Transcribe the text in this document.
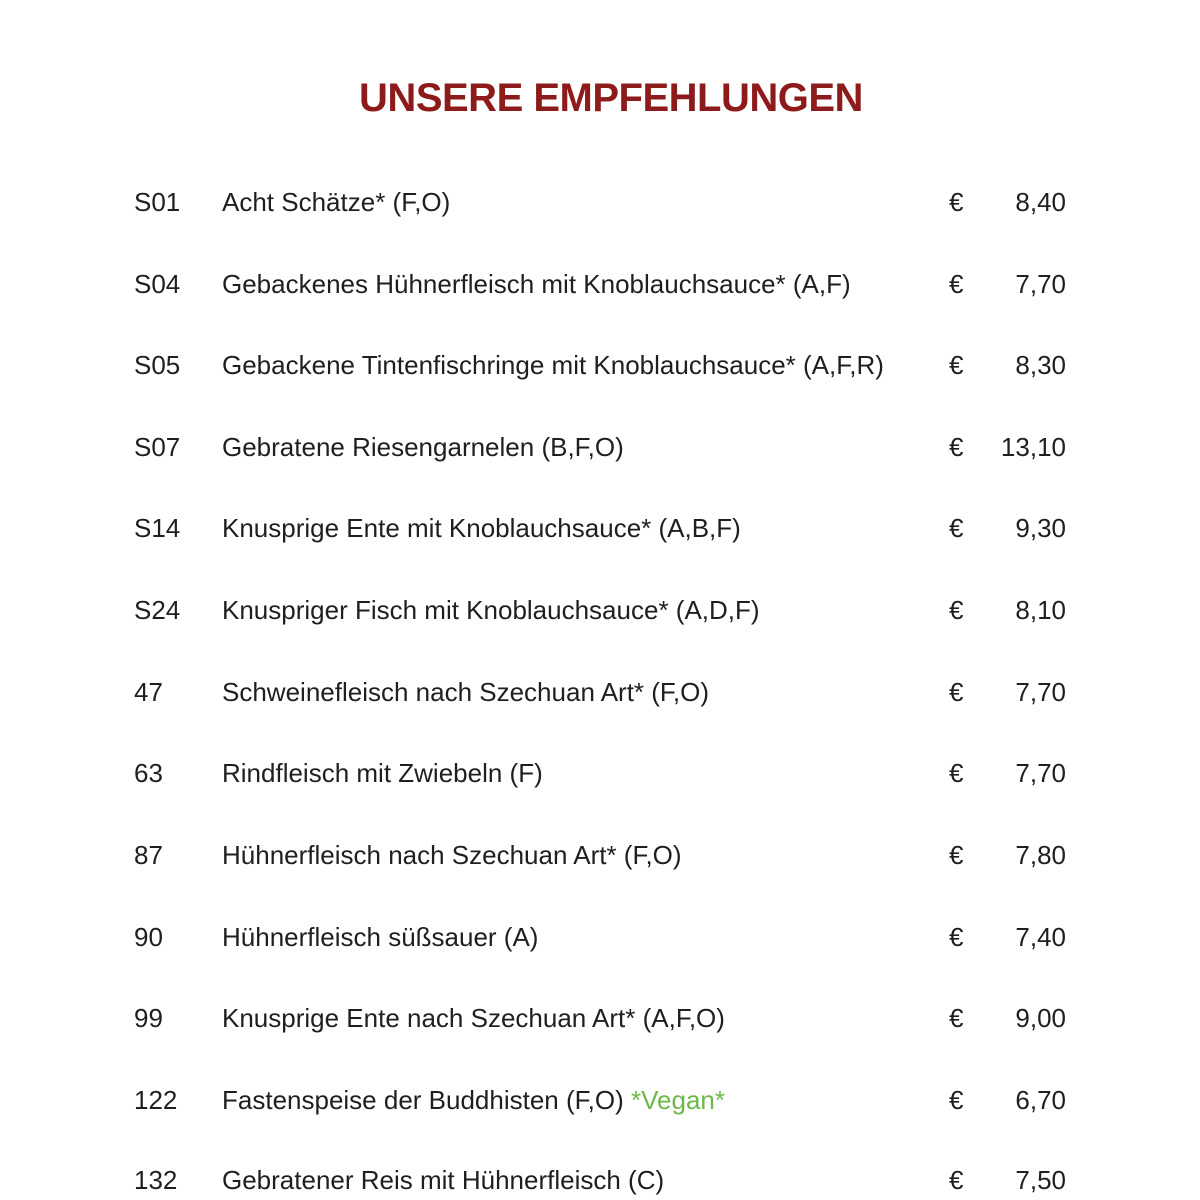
UNSERE EMPFEHLUNGEN
S01 Acht Schätze* (F,O)	€ 8,40
S04 Gebackenes Hühnerfleisch mit Knoblauchsauce* (A,F)	€ 7,70
S05 Gebackene Tintenfischringe mit Knoblauchsauce* (A,F,R)	€ 8,30
S07 Gebratene Riesengarnelen (B,F,O)	€ 13,10
S14 Knusprige Ente mit Knoblauchsauce* (A,B,F)	€ 9,30
S24 Knuspriger Fisch mit Knoblauchsauce* (A,D,F)	€ 8,10
47 Schweinefleisch nach Szechuan Art* (F,O)	€ 7,70
63 Rindfleisch mit Zwiebeln (F)	€ 7,70
87 Hühnerfleisch nach Szechuan Art* (F,O)	€ 7,80
90 Hühnerfleisch süßsauer (A)	€ 7,40
99 Knusprige Ente nach Szechuan Art* (A,F,O)	€ 9,00
122 Fastenspeise der Buddhisten (F,O) *Vegan*	€ 6,70
132 Gebratener Reis mit Hühnerfleisch (C)	€ 7,50
